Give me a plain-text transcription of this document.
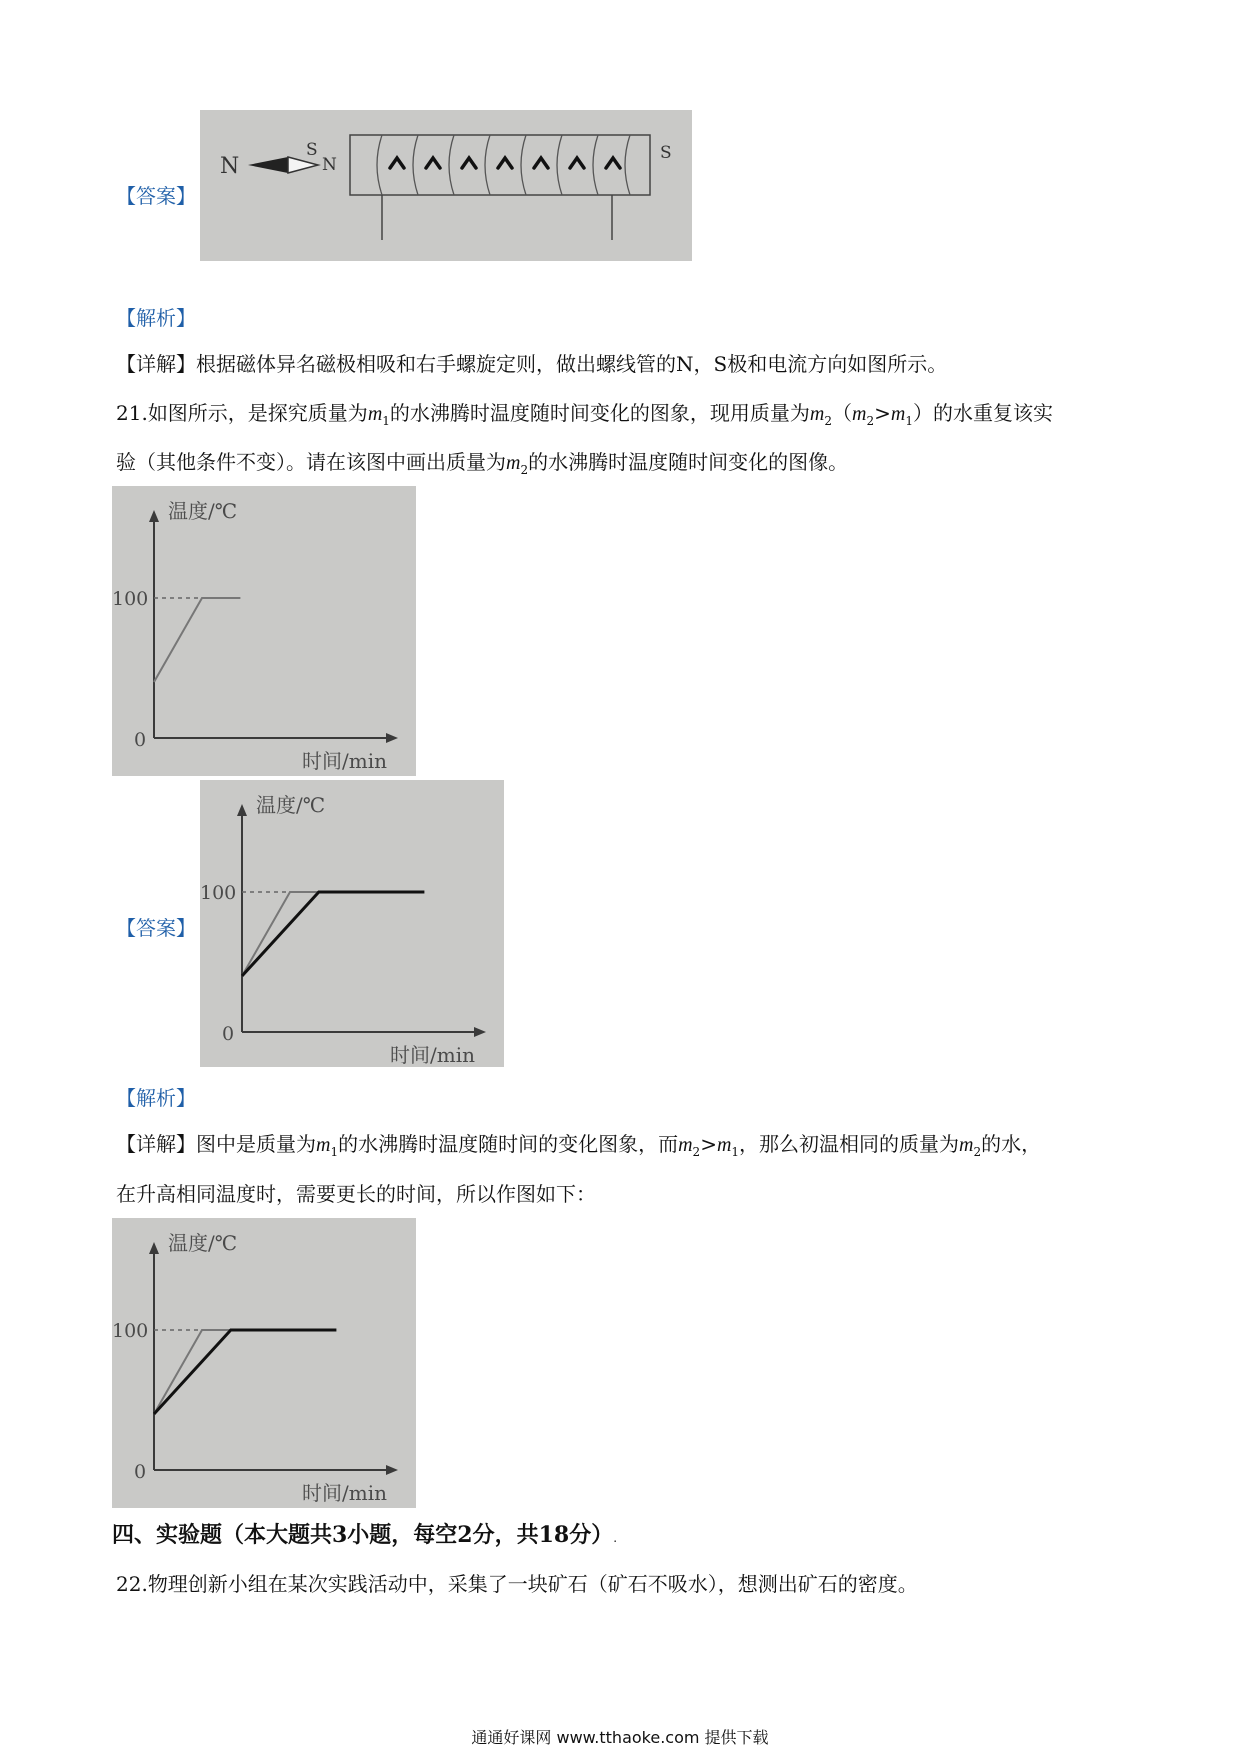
【答案】
N
S
N
S
【解析】
【详解】根据磁体异名磁极相吸和右手螺旋定则，做出螺线管的N，S极和电流方向如图所示。
21.如图所示，是探究质量为$m_1$的水沸腾时温度随时间变化的图象，现用质量为$m_2(m_2>m_1)$的水重复该实
验（其他条件不变）。请在该图中画出质量为$m_2$的水沸腾时温度随时间变化的图像。
温度/℃
时间/min
100
0
【答案】
温度/℃
时间/min
100
0
【解析】
【详解】图中是质量为$m_1$的水沸腾时温度随时间的变化图象，而$m_2>m_1$，那么初温相同的质量为$m_2$的水，
在升高相同温度时，需要更长的时间，所以作图如下：
温度/℃
时间/min
100
0
四、实验题（本大题共3小题，每空2分，共18分）.
22.物理创新小组在某次实践活动中，采集了一块矿石（矿石不吸水），想测出矿石的密度。
通通好课网 www.tthaoke.com 提供下载
